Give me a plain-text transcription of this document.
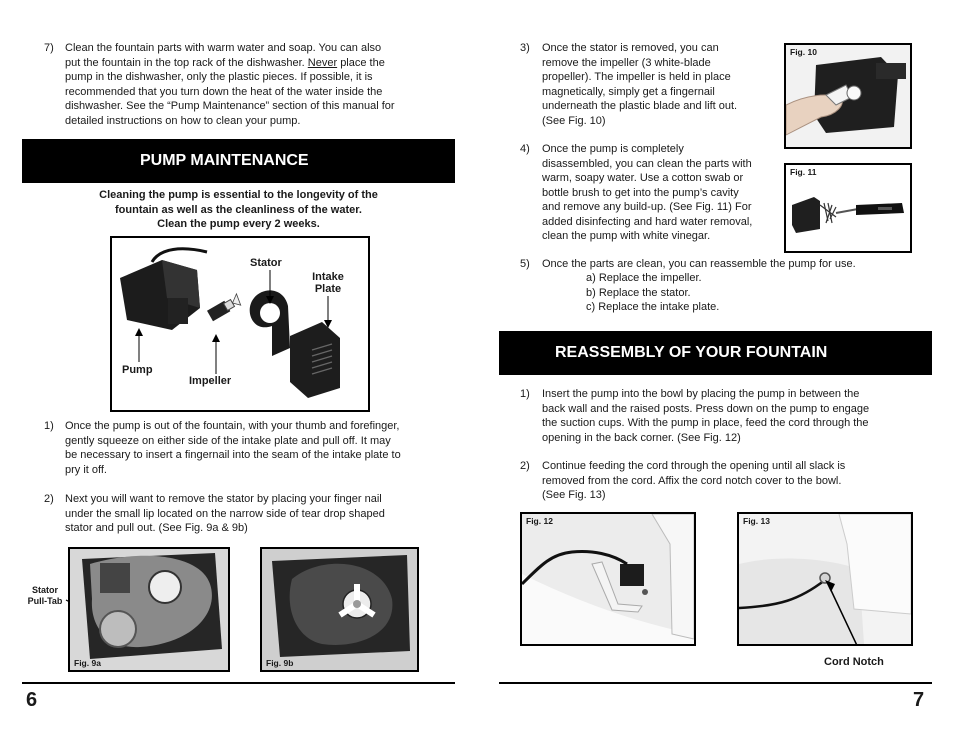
7) Clean the fountain parts with warm water and soap. You can also
put the fountain in the top rack of the dishwasher. Never place the
pump in the dishwasher, only the plastic pieces. If possible, it is
recommended that you turn down the heat of the water inside the
dishwasher. See the “Pump Maintenance” section of this manual for
detailed instructions on how to clean your pump.
PUMP MAINTENANCE
Cleaning the pump is essential to the longevity of the
fountain as well as the cleanliness of the water.
Clean the pump every 2 weeks.
Stator
Intake
Plate
Pump
Impeller
1) Once the pump is out of the fountain, with your thumb and forefinger,
gently squeeze on either side of the intake plate and pull off. It may
be necessary to insert a fingernail into the seam of the intake plate to
pry it off.
2) Next you will want to remove the stator by placing your finger nail
under the small lip located on the narrow side of tear drop shaped
stator and pull out. (See Fig. 9a & 9b)
Stator
Pull-Tab
Fig. 9a	Fig. 9b
6
3) Once the stator is removed, you can
remove the impeller (3 white-blade
propeller). The impeller is held in place
magnetically, simply get a fingernail
underneath the plastic blade and lift out.
(See Fig. 10)
Fig. 10
4) Once the pump is completely
disassembled, you can clean the parts with
warm, soapy water. Use a cotton swab or
bottle brush to get into the pump’s cavity
and remove any build-up. (See Fig. 11) For
added disinfecting and hard water removal,
clean the pump with white vinegar.
Fig. 11
5) Once the parts are clean, you can reassemble the pump for use.
a) Replace the impeller.
b) Replace the stator.
c) Replace the intake plate.
REASSEMBLY OF YOUR FOUNTAIN
1) Insert the pump into the bowl by placing the pump in between the
back wall and the raised posts. Press down on the pump to engage
the suction cups. With the pump in place, feed the cord through the
opening in the back corner. (See Fig. 12)
2) Continue feeding the cord through the opening until all slack is
removed from the cord. Affix the cord notch cover to the bowl.
(See Fig. 13)
Fig. 12	Fig. 13
Cord Notch
7
